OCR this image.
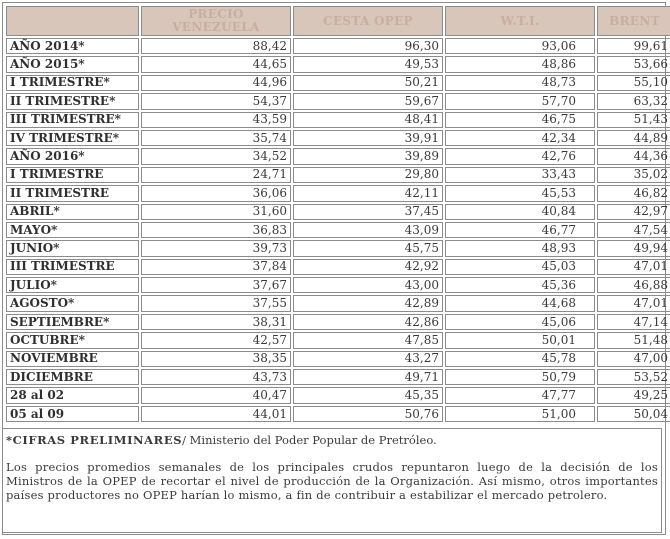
	PRECIO VENEZUELA	CESTA OPEP	W.T.I.	BRENT
AÑO 2014*	88,42	96,30	93,06	99,61
AÑO 2015*	44,65	49,53	48,86	53,66
I TRIMESTRE*	44,96	50,21	48,73	55,10
II TRIMESTRE*	54,37	59,67	57,70	63,32
III TRIMESTRE*	43,59	48,41	46,75	51,43
IV TRIMESTRE*	35,74	39,91	42,34	44,89
AÑO 2016*	34,52	39,89	42,76	44,36
I TRIMESTRE	24,71	29,80	33,43	35,02
II TRIMESTRE	36,06	42,11	45,53	46,82
ABRIL*	31,60	37,45	40,84	42,97
MAYO*	36,83	43,09	46,77	47,54
JUNIO*	39,73	45,75	48,93	49,94
III TRIMESTRE	37,84	42,92	45,03	47,01
JULIO*	37,67	43,00	45,36	46,88
AGOSTO*	37,55	42,89	44,68	47,01
SEPTIEMBRE*	38,31	42,86	45,06	47,14
OCTUBRE*	42,57	47,85	50,01	51,48
NOVIEMBRE	38,35	43,27	45,78	47,00
DICIEMBRE	43,73	49,71	50,79	53,52
28 al 02	40,47	45,35	47,77	49,25
05 al 09	44,01	50,76	51,00	50,04
*CIFRAS PRELIMINARES/ Ministerio del Poder Popular de Pretróleo.
Los precios promedios semanales de los principales crudos repuntaron luego de la decisión de los Ministros de la OPEP de recortar el nivel de producción de la Organización. Así mismo, otros importantes países productores no OPEP harían lo mismo, a fin de contribuir a estabilizar el mercado petrolero.
